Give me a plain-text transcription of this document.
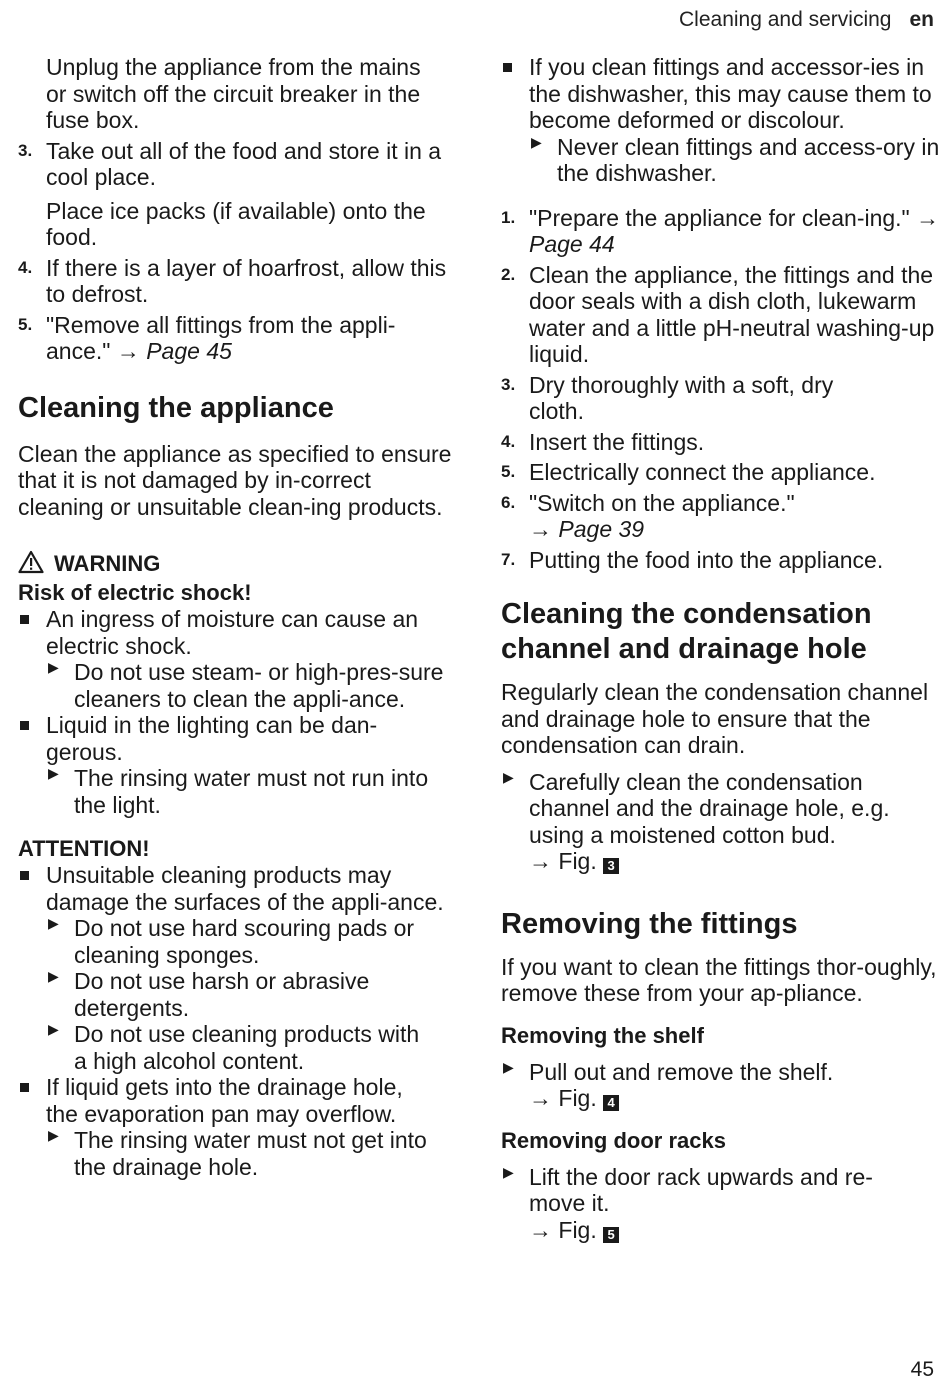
Cleaning and servicing en

Unplug the appliance from the mains or switch off the circuit breaker in the fuse box.

3. Take out all of the food and store it in a cool place.

Place ice packs (if available) onto the food.

4. If there is a layer of hoarfrost, allow this to defrost.

5. "Remove all fittings from the appli-ance." → Page 45

Cleaning the appliance

Clean the appliance as specified to ensure that it is not damaged by in-correct cleaning or unsuitable clean-ing products.

WARNING
Risk of electric shock!

An ingress of moisture can cause an electric shock.

▶ Do not use steam- or high-pres-sure cleaners to clean the appli-ance.

Liquid in the lighting can be dan-gerous.

▶ The rinsing water must not run into the light.

ATTENTION!

Unsuitable cleaning products may damage the surfaces of the appli-ance.

▶ Do not use hard scouring pads or cleaning sponges.

▶ Do not use harsh or abrasive detergents.

▶ Do not use cleaning products with a high alcohol content.

If liquid gets into the drainage hole, the evaporation pan may overflow.

▶ The rinsing water must not get into the drainage hole.

If you clean fittings and accessor-ies in the dishwasher, this may cause them to become deformed or discolour.

▶ Never clean fittings and access-ory in the dishwasher.

1. "Prepare the appliance for clean-ing." → Page 44

2. Clean the appliance, the fittings and the door seals with a dish cloth, lukewarm water and a little pH-neutral washing-up liquid.

3. Dry thoroughly with a soft, dry cloth.

4. Insert the fittings.

5. Electrically connect the appliance.

6. "Switch on the appliance."

→ Page 39

7. Putting the food into the appliance.

Cleaning the condensation channel and drainage hole

Regularly clean the condensation channel and drainage hole to ensure that the condensation can drain.

▶ Carefully clean the condensation channel and the drainage hole, e.g. using a moistened cotton bud.

→ Fig. 3

Removing the fittings

If you want to clean the fittings thor-oughly, remove these from your ap-pliance.

Removing the shelf
▶ Pull out and remove the shelf.

→ Fig. 4

Removing door racks
▶ Lift the door rack upwards and re-move it.

→ Fig. 5

45
